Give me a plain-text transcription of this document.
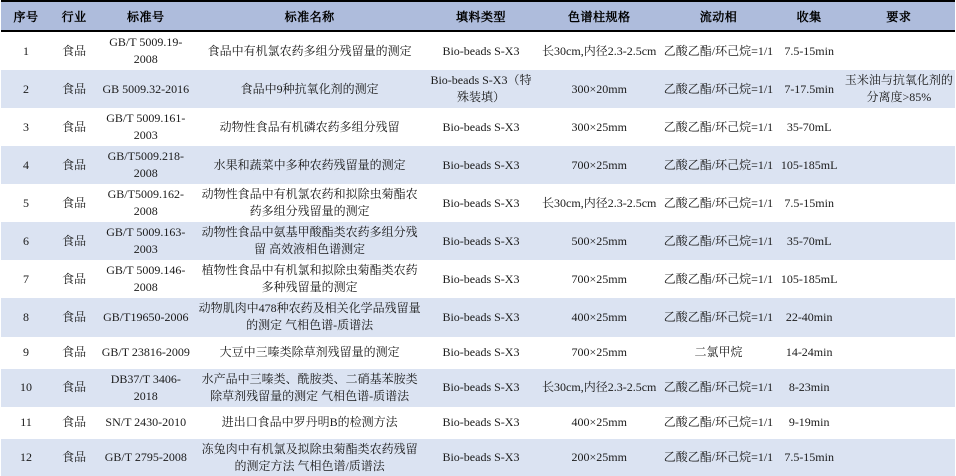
序号	行业	标准号	标准名称	填料类型	色谱柱规格	流动相	收集	要求
1	食品	GB/T 5009.19-2008	食品中有机氯农药多组分残留量的测定	Bio-beads S-X3	长30cm,内径2.3-2.5cm	乙酸乙酯/环己烷=1/1	7.5-15min	
2	食品	GB 5009.32-2016	食品中9种抗氧化剂的测定	Bio-beads S-X3（特殊装填）	300×20mm	乙酸乙酯/环己烷=1/1	7-17.5min	玉米油与抗氧化剂的分离度>85%
3	食品	GB/T 5009.161-2003	动物性食品有机磷农药多组分残留	Bio-beads S-X3	300×25mm	乙酸乙酯/环己烷=1/1	35-70mL	
4	食品	GB/T5009.218-2008	水果和蔬菜中多种农药残留量的测定	Bio-beads S-X3	700×25mm	乙酸乙酯/环己烷=1/1	105-185mL	
5	食品	GB/T5009.162-2008	动物性食品中有机氯农药和拟除虫菊酯农药多组分残留量的测定	Bio-beads S-X3	长30cm,内径2.3-2.5cm	乙酸乙酯/环己烷=1/1	7.5-15min	
6	食品	GB/T 5009.163-2003	动物性食品中氨基甲酸酯类农药多组分残留 高效液相色谱测定	Bio-beads S-X3	500×25mm	乙酸乙酯/环己烷=1/1	35-70mL	
7	食品	GB/T 5009.146-2008	植物性食品中有机氯和拟除虫菊酯类农药多种残留量的测定	Bio-beads S-X3	700×25mm	乙酸乙酯/环己烷=1/1	105-185mL	
8	食品	GB/T19650-2006	动物肌肉中478种农药及相关化学品残留量的测定 气相色谱-质谱法	Bio-beads S-X3	400×25mm	乙酸乙酯/环己烷=1/1	22-40min	
9	食品	GB/T 23816-2009	大豆中三嗪类除草剂残留量的测定	Bio-beads S-X3	700×25mm	二氯甲烷	14-24min	
10	食品	DB37/T 3406-2018	水产品中三嗪类、酰胺类、二硝基苯胺类除草剂残留量的测定 气相色谱-质谱法	Bio-beads S-X3	长30cm,内径2.3-2.5cm	乙酸乙酯/环己烷=1/1	8-23min	
11	食品	SN/T 2430-2010	进出口食品中罗丹明B的检测方法	Bio-beads S-X3	400×25mm	乙酸乙酯/环己烷=1/1	9-19min	
12	食品	GB/T 2795-2008	冻兔肉中有机氯及拟除虫菊酯类农药残留的测定方法 气相色谱/质谱法	Bio-beads S-X3	200×25mm	乙酸乙酯/环己烷=1/1	7.5-15min	
